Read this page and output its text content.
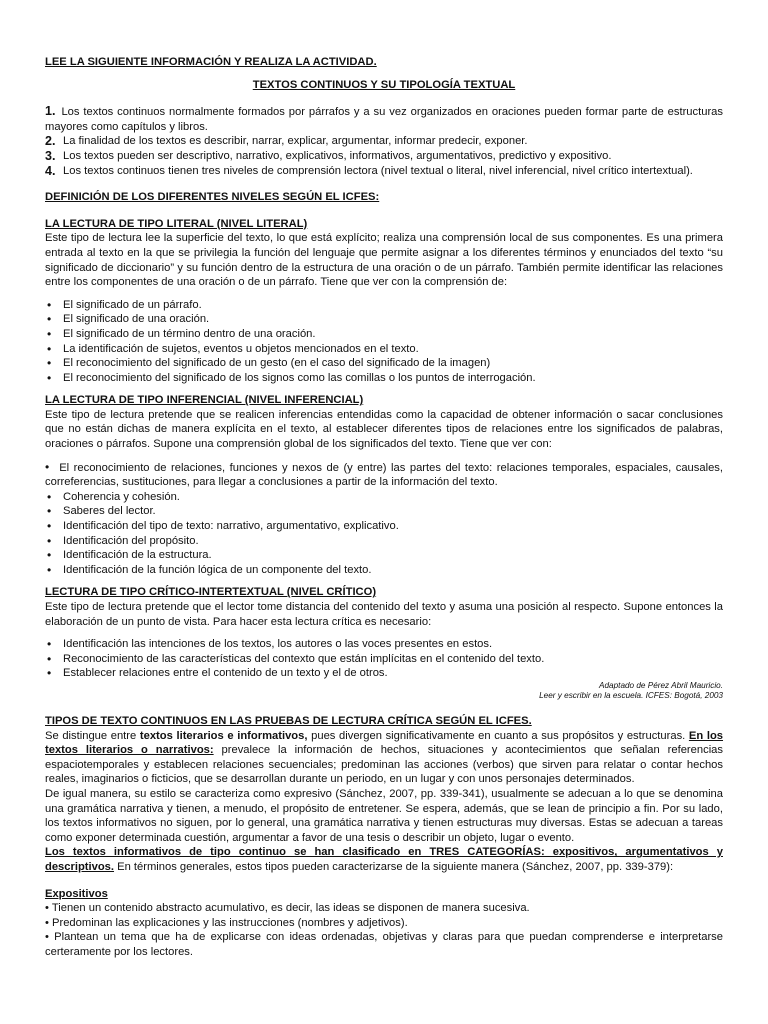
LEE LA SIGUIENTE INFORMACIÓN Y REALIZA LA ACTIVIDAD.

TEXTOS CONTINUOS Y SU TIPOLOGÍA TEXTUAL

1. Los textos continuos normalmente formados por párrafos y a su vez organizados en oraciones pueden formar parte de estructuras mayores como capítulos y libros.
2. La finalidad de los textos es describir, narrar, explicar, argumentar, informar predecir, exponer.
3. Los textos pueden ser descriptivo, narrativo, explicativos, informativos, argumentativos, predictivo y expositivo.
4. Los textos continuos tienen tres niveles de comprensión lectora (nivel textual o literal, nivel inferencial, nivel crítico intertextual).

DEFINICIÓN DE LOS DIFERENTES NIVELES SEGÚN EL ICFES:

LA LECTURA DE TIPO LITERAL (NIVEL LITERAL)

Este tipo de lectura lee la superficie del texto, lo que está explícito; realiza una comprensión local de sus componentes. Es una primera entrada al texto en la que se privilegia la función del lenguaje que permite asignar a los diferentes términos y enunciados del texto “su significado de diccionario” y su función dentro de la estructura de una oración o de un párrafo. También permite identificar las relaciones entre los componentes de una oración o de un párrafo. Tiene que ver con la comprensión de:

• El significado de un párrafo.
• El significado de una oración.
• El significado de un término dentro de una oración.
• La identificación de sujetos, eventos u objetos mencionados en el texto.
• El reconocimiento del significado de un gesto (en el caso del significado de la imagen)
• El reconocimiento del significado de los signos como las comillas o los puntos de interrogación.

LA LECTURA DE TIPO INFERENCIAL (NIVEL INFERENCIAL)

Este tipo de lectura pretende que se realicen inferencias entendidas como la capacidad de obtener información o sacar conclusiones que no están dichas de manera explícita en el texto, al establecer diferentes tipos de relaciones entre los significados de palabras, oraciones o párrafos. Supone una comprensión global de los significados del texto. Tiene que ver con:

• El reconocimiento de relaciones, funciones y nexos de (y entre) las partes del texto: relaciones temporales, espaciales, causales, correferencias, sustituciones, para llegar a conclusiones a partir de la información del texto.
• Coherencia y cohesión.
• Saberes del lector.
• Identificación del tipo de texto: narrativo, argumentativo, explicativo.
• Identificación del propósito.
• Identificación de la estructura.
• Identificación de la función lógica de un componente del texto.

LECTURA DE TIPO CRÍTICO-INTERTEXTUAL (NIVEL CRÍTICO)

Este tipo de lectura pretende que el lector tome distancia del contenido del texto y asuma una posición al respecto. Supone entonces la elaboración de un punto de vista. Para hacer esta lectura crítica es necesario:

• Identificación las intenciones de los textos, los autores o las voces presentes en estos.
• Reconocimiento de las características del contexto que están implícitas en el contenido del texto.
• Establecer relaciones entre el contenido de un texto y el de otros.

Adaptado de Pérez Abril Mauricio.

Leer y escribir en la escuela. ICFES: Bogotá, 2003

TIPOS DE TEXTO CONTINUOS EN LAS PRUEBAS DE LECTURA CRÍTICA SEGÚN EL ICFES.

Se distingue entre textos literarios e informativos, pues divergen significativamente en cuanto a sus propósitos y estructuras. En los textos literarios o narrativos: prevalece la información de hechos, situaciones y acontecimientos que señalan referencias espaciotemporales y establecen relaciones secuenciales; predominan las acciones (verbos) que sirven para relatar o contar hechos reales, imaginarios o ficticios, que se desarrollan durante un periodo, en un lugar y con unos personajes determinados.

De igual manera, su estilo se caracteriza como expresivo (Sánchez, 2007, pp. 339-341), usualmente se adecuan a lo que se denomina una gramática narrativa y tienen, a menudo, el propósito de entretener. Se espera, además, que se lean de principio a fin. Por su lado, los textos informativos no siguen, por lo general, una gramática narrativa y tienen estructuras muy diversas. Estas se adecuan a tareas como exponer determinada cuestión, argumentar a favor de una tesis o describir un objeto, lugar o evento.

Los textos informativos de tipo continuo se han clasificado en TRES CATEGORÍAS: expositivos, argumentativos y descriptivos. En términos generales, estos tipos pueden caracterizarse de la siguiente manera (Sánchez, 2007, pp. 339-379):

Expositivos

• Tienen un contenido abstracto acumulativo, es decir, las ideas se disponen de manera sucesiva.

• Predominan las explicaciones y las instrucciones (nombres y adjetivos).

• Plantean un tema que ha de explicarse con ideas ordenadas, objetivas y claras para que puedan comprenderse e interpretarse certeramente por los lectores.
